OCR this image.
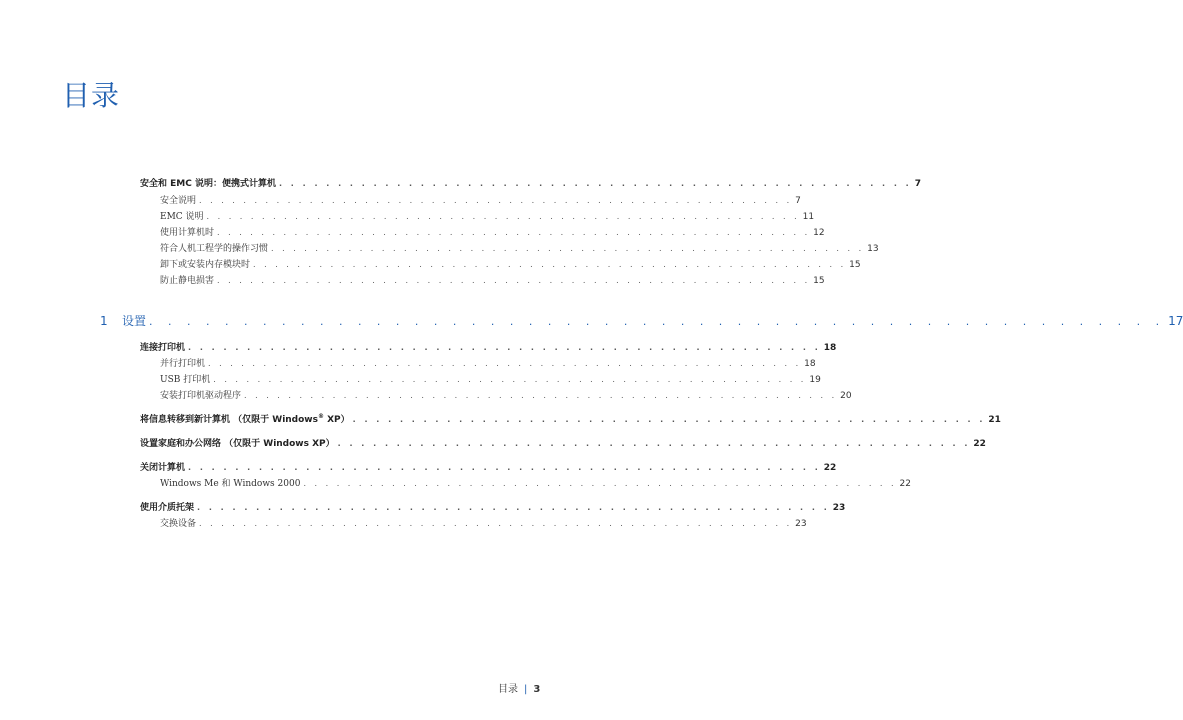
目录
安全和 EMC 说明：便携式计算机 . . . . . . . . . . . . . . . . . . . . . . . . . . . . . . . . . . . . . . . . . . . . . . . . . . . . . . 7
安全说明 . . . . . . . . . . . . . . . . . . . . . . . . . . . . . . . . . . . . . . . . . . . . . . . . . . . . . . 7
EMC 说明 . . . . . . . . . . . . . . . . . . . . . . . . . . . . . . . . . . . . . . . . . . . . . . . . . . . . . . 11
使用计算机时 . . . . . . . . . . . . . . . . . . . . . . . . . . . . . . . . . . . . . . . . . . . . . . . . . . . . . . 12
符合人机工程学的操作习惯 . . . . . . . . . . . . . . . . . . . . . . . . . . . . . . . . . . . . . . . . . . . . . . . . . . . . . . 13
卸下或安装内存模块时 . . . . . . . . . . . . . . . . . . . . . . . . . . . . . . . . . . . . . . . . . . . . . . . . . . . . . . 15
防止静电损害 . . . . . . . . . . . . . . . . . . . . . . . . . . . . . . . . . . . . . . . . . . . . . . . . . . . . . . 15
1	设置 . . . . . . . . . . . . . . . . . . . . . . . . . . . . . . . . . . . . . . . . . . . . . . . . . . . . . . 17
连接打印机 . . . . . . . . . . . . . . . . . . . . . . . . . . . . . . . . . . . . . . . . . . . . . . . . . . . . . . 18
并行打印机 . . . . . . . . . . . . . . . . . . . . . . . . . . . . . . . . . . . . . . . . . . . . . . . . . . . . . . 18
USB 打印机 . . . . . . . . . . . . . . . . . . . . . . . . . . . . . . . . . . . . . . . . . . . . . . . . . . . . . . 19
安装打印机驱动程序 . . . . . . . . . . . . . . . . . . . . . . . . . . . . . . . . . . . . . . . . . . . . . . . . . . . . . . 20
将信息转移到新计算机 （仅限于 Windows® XP） . . . . . . . . . . . . . . . . . . . . . . . . . . . . . . . . . . . . . . . . . . . . . . . . . . . . . . 21
设置家庭和办公网络 （仅限于 Windows XP） . . . . . . . . . . . . . . . . . . . . . . . . . . . . . . . . . . . . . . . . . . . . . . . . . . . . . . 22
关闭计算机 . . . . . . . . . . . . . . . . . . . . . . . . . . . . . . . . . . . . . . . . . . . . . . . . . . . . . . 22
Windows Me 和 Windows 2000 . . . . . . . . . . . . . . . . . . . . . . . . . . . . . . . . . . . . . . . . . . . . . . . . . . . . . . 22
使用介质托架 . . . . . . . . . . . . . . . . . . . . . . . . . . . . . . . . . . . . . . . . . . . . . . . . . . . . . . 23
交换设备 . . . . . . . . . . . . . . . . . . . . . . . . . . . . . . . . . . . . . . . . . . . . . . . . . . . . . . 23
目录 | 3
